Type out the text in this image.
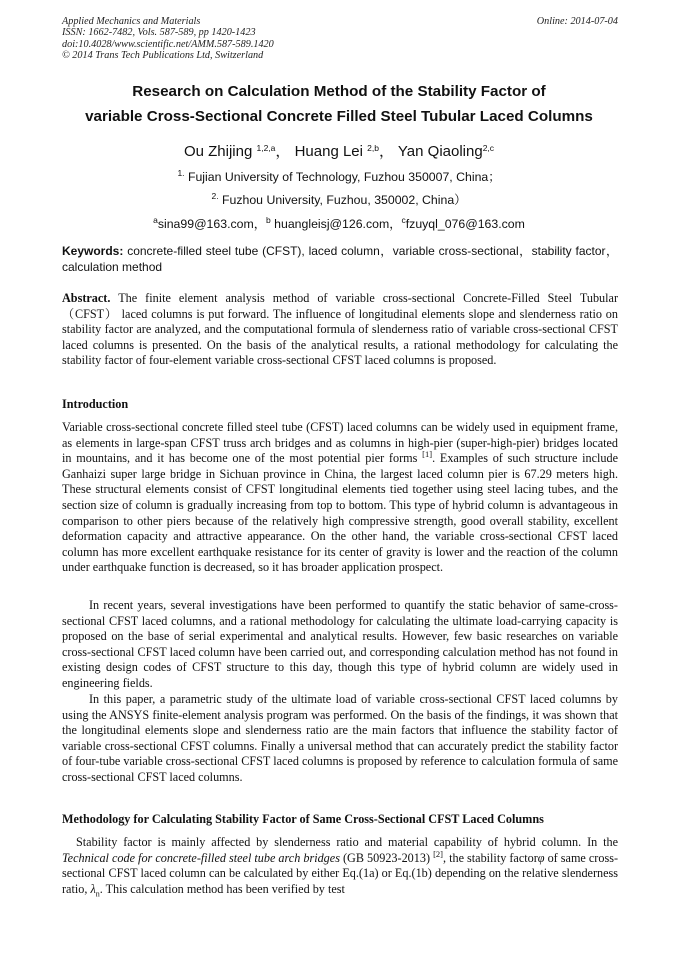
Applied Mechanics and Materials
ISSN: 1662-7482, Vols. 587-589, pp 1420-1423
doi:10.4028/www.scientific.net/AMM.587-589.1420
© 2014 Trans Tech Publications Ltd, Switzerland
Online: 2014-07-04
Research on Calculation Method of the Stability Factor of
variable Cross-Sectional Concrete Filled Steel Tubular Laced Columns
Ou Zhijing $^{1,2,a}$， Huang Lei $^{2,b}$， Yan Qiaoling$^{2,c}$
$^{1.}$ Fujian University of Technology, Fuzhou 350007, China；
$^{2.}$ Fuzhou University, Fuzhou, 350002, China）
$^a$sina99@163.com，$^b$ huangleisj@126.com，$^c$fzuyql_076@163.com
Keywords: concrete-filled steel tube (CFST), laced column，variable cross-sectional，stability factor， calculation method

Abstract. The finite element analysis method of variable cross-sectional Concrete-Filled Steel Tubular （CFST） laced columns is put forward. The influence of longitudinal elements slope and slenderness ratio on stability factor are analyzed, and the computational formula of slenderness ratio of variable cross-sectional CFST laced columns is presented. On the basis of the analytical results, a rational methodology for calculating the stability factor of four-element variable cross-sectional CFST laced columns is proposed.

Introduction

Variable cross-sectional concrete filled steel tube (CFST) laced columns can be widely used in equipment frame, as elements in large-span CFST truss arch bridges and as columns in high-pier (super-high-pier) bridges located in mountains, and it has become one of the most potential pier forms [1]. Examples of such structure include Ganhaizi super large bridge in Sichuan province in China, the largest laced column pier is 67.29 meters high. These structural elements consist of CFST longitudinal elements tied together using steel lacing tubes, and the section size of column is gradually increasing from top to bottom. This type of hybrid column is advantageous in comparison to other piers because of the relatively high compressive strength, good overall stability, excellent deformation capacity and attractive appearance. On the other hand, the variable cross-sectional CFST laced column has more excellent earthquake resistance for its center of gravity is lower and the reaction of the column under earthquake function is decreased, so it has broader application prospect.

In recent years, several investigations have been performed to quantify the static behavior of same-cross-sectional CFST laced columns, and a rational methodology for calculating the ultimate load-carrying capacity is proposed on the base of serial experimental and analytical results. However, few basic researches on variable cross-sectional CFST laced column have been carried out, and corresponding calculation method has not found in existing design codes of CFST structure to this day, though this type of hybrid column are widely used in engineering fields.

In this paper, a parametric study of the ultimate load of variable cross-sectional CFST laced columns by using the ANSYS finite-element analysis program was performed. On the basis of the findings, it was shown that the longitudinal elements slope and slenderness ratio are the main factors that influence the stability factor of variable cross-sectional CFST columns. Finally a universal method that can accurately predict the stability factor of four-tube variable cross-sectional CFST laced columns is proposed by reference to calculation formula of same cross-sectional CFST laced columns.

Methodology for Calculating Stability Factor of Same Cross-Sectional CFST Laced Columns

Stability factor is mainly affected by slenderness ratio and material capability of hybrid column. In the Technical code for concrete-filled steel tube arch bridges (GB 50923-2013) [2], the stability factorφ of same cross-sectional CFST laced column can be calculated by either Eq.(1a) or Eq.(1b) depending on the relative slenderness ratio, $\lambda_n$. This calculation method has been verified by test
